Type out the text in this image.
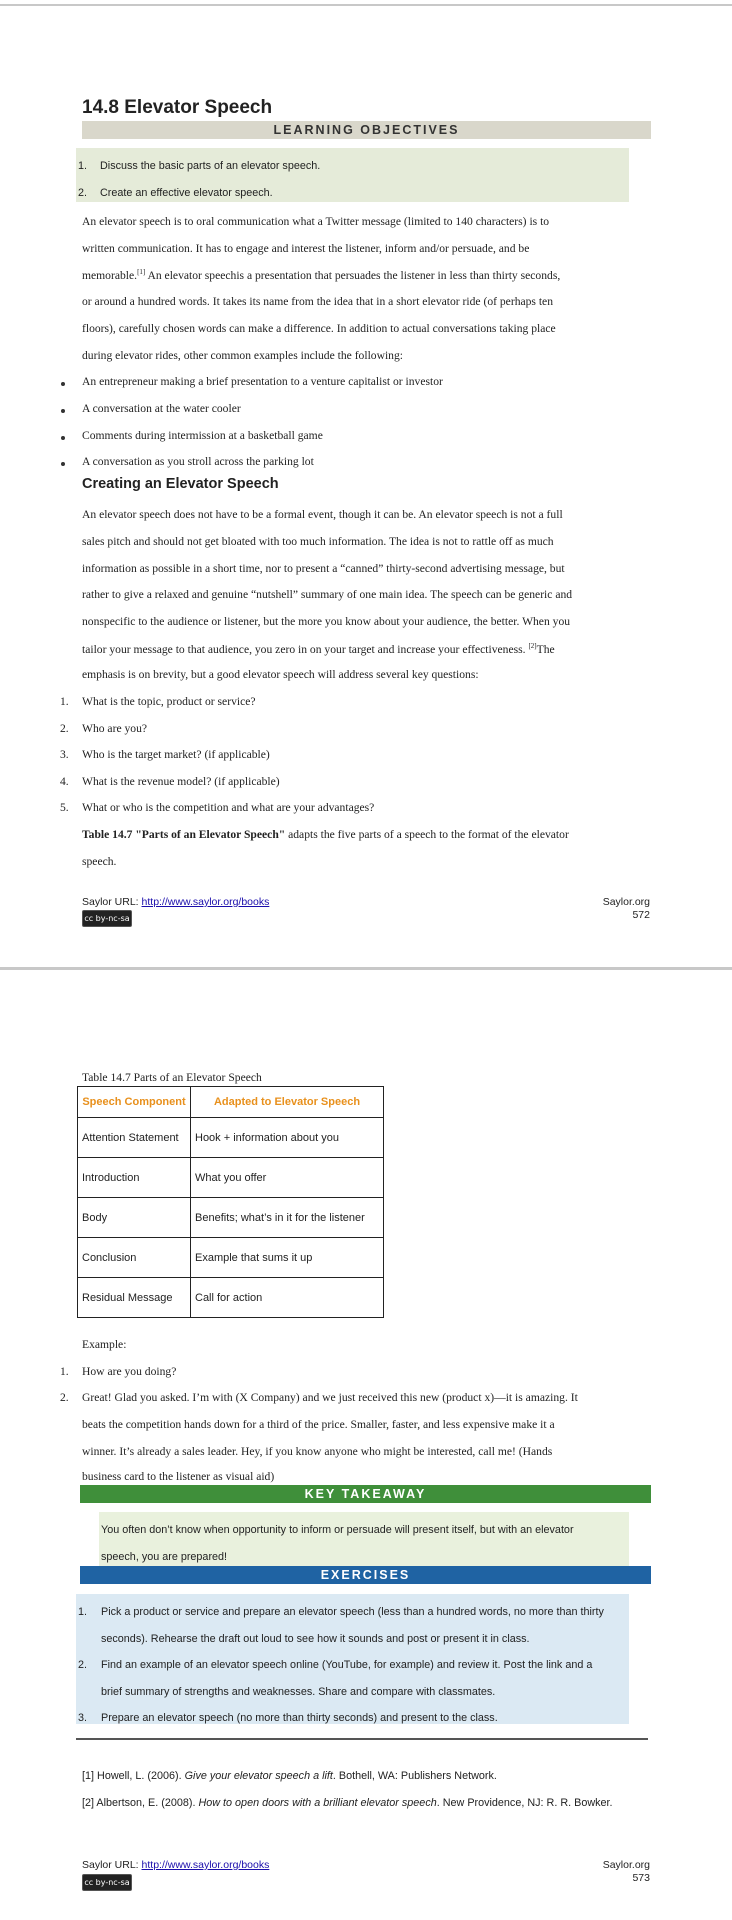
14.8 Elevator Speech
LEARNING OBJECTIVES
1. Discuss the basic parts of an elevator speech.
2. Create an effective elevator speech.
An elevator speech is to oral communication what a Twitter message (limited to 140 characters) is to
written communication. It has to engage and interest the listener, inform and/or persuade, and be
memorable.[1] An elevator speechis a presentation that persuades the listener in less than thirty seconds,
or around a hundred words. It takes its name from the idea that in a short elevator ride (of perhaps ten
floors), carefully chosen words can make a difference. In addition to actual conversations taking place
during elevator rides, other common examples include the following:
An entrepreneur making a brief presentation to a venture capitalist or investor
A conversation at the water cooler
Comments during intermission at a basketball game
A conversation as you stroll across the parking lot
Creating an Elevator Speech
An elevator speech does not have to be a formal event, though it can be. An elevator speech is not a full
sales pitch and should not get bloated with too much information. The idea is not to rattle off as much
information as possible in a short time, nor to present a “canned” thirty-second advertising message, but
rather to give a relaxed and genuine “nutshell” summary of one main idea. The speech can be generic and
nonspecific to the audience or listener, but the more you know about your audience, the better. When you
tailor your message to that audience, you zero in on your target and increase your effectiveness. [2]The
emphasis is on brevity, but a good elevator speech will address several key questions:
1. What is the topic, product or service?
2. Who are you?
3. Who is the target market? (if applicable)
4. What is the revenue model? (if applicable)
5. What or who is the competition and what are your advantages?
Table 14.7 "Parts of an Elevator Speech" adapts the five parts of a speech to the format of the elevator
speech.
Saylor URL: http://www.saylor.org/books
cc by-nc-sa
Saylor.org
572
Table 14.7 Parts of an Elevator Speech
Speech Component	Adapted to Elevator Speech
Attention Statement	Hook + information about you
Introduction	What you offer
Body	Benefits; what’s in it for the listener
Conclusion	Example that sums it up
Residual Message	Call for action
Example:
1. How are you doing?
2. Great! Glad you asked. I’m with (X Company) and we just received this new (product x)—it is amazing. It
beats the competition hands down for a third of the price. Smaller, faster, and less expensive make it a
winner. It’s already a sales leader. Hey, if you know anyone who might be interested, call me! (Hands
business card to the listener as visual aid)
KEY TAKEAWAY
You often don’t know when opportunity to inform or persuade will present itself, but with an elevator
speech, you are prepared!
EXERCISES
1. Pick a product or service and prepare an elevator speech (less than a hundred words, no more than thirty
seconds). Rehearse the draft out loud to see how it sounds and post or present it in class.
2. Find an example of an elevator speech online (YouTube, for example) and review it. Post the link and a
brief summary of strengths and weaknesses. Share and compare with classmates.
3. Prepare an elevator speech (no more than thirty seconds) and present to the class.
[1] Howell, L. (2006). Give your elevator speech a lift. Bothell, WA: Publishers Network.
[2] Albertson, E. (2008). How to open doors with a brilliant elevator speech. New Providence, NJ: R. R. Bowker.
Saylor URL: http://www.saylor.org/books
cc by-nc-sa
Saylor.org
573
